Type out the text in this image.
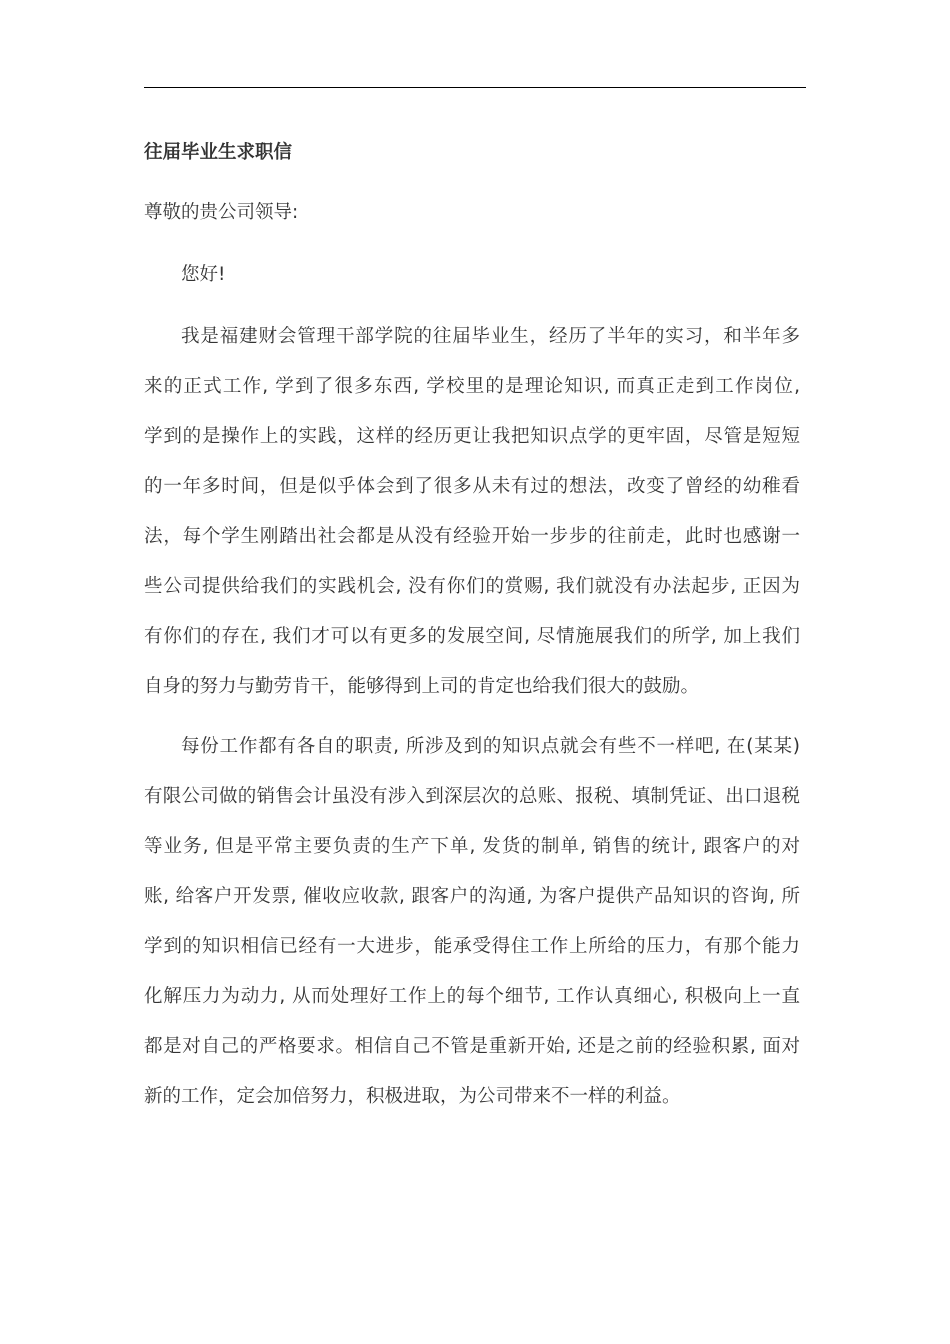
往届毕业生求职信

尊敬的贵公司领导:

您好!

我是福建财会管理干部学院的往届毕业生，经历了半年的实习，和半年多
来的正式工作, 学到了很多东西, 学校里的是理论知识, 而真正走到工作岗位,
学到的是操作上的实践，这样的经历更让我把知识点学的更牢固，尽管是短短
的一年多时间，但是似乎体会到了很多从未有过的想法，改变了曾经的幼稚看
法，每个学生刚踏出社会都是从没有经验开始一步步的往前走，此时也感谢一
些公司提供给我们的实践机会, 没有你们的赏赐, 我们就没有办法起步, 正因为
有你们的存在, 我们才可以有更多的发展空间, 尽情施展我们的所学, 加上我们
自身的努力与勤劳肯干，能够得到上司的肯定也给我们很大的鼓励。
每份工作都有各自的职责, 所涉及到的知识点就会有些不一样吧, 在(某某)
有限公司做的销售会计虽没有涉入到深层次的总账、报税、填制凭证、出口退税
等业务, 但是平常主要负责的生产下单, 发货的制单, 销售的统计, 跟客户的对
账, 给客户开发票, 催收应收款, 跟客户的沟通, 为客户提供产品知识的咨询, 所
学到的知识相信已经有一大进步，能承受得住工作上所给的压力，有那个能力
化解压力为动力, 从而处理好工作上的每个细节, 工作认真细心, 积极向上一直
都是对自己的严格要求。相信自己不管是重新开始, 还是之前的经验积累, 面对
新的工作，定会加倍努力，积极进取，为公司带来不一样的利益。
